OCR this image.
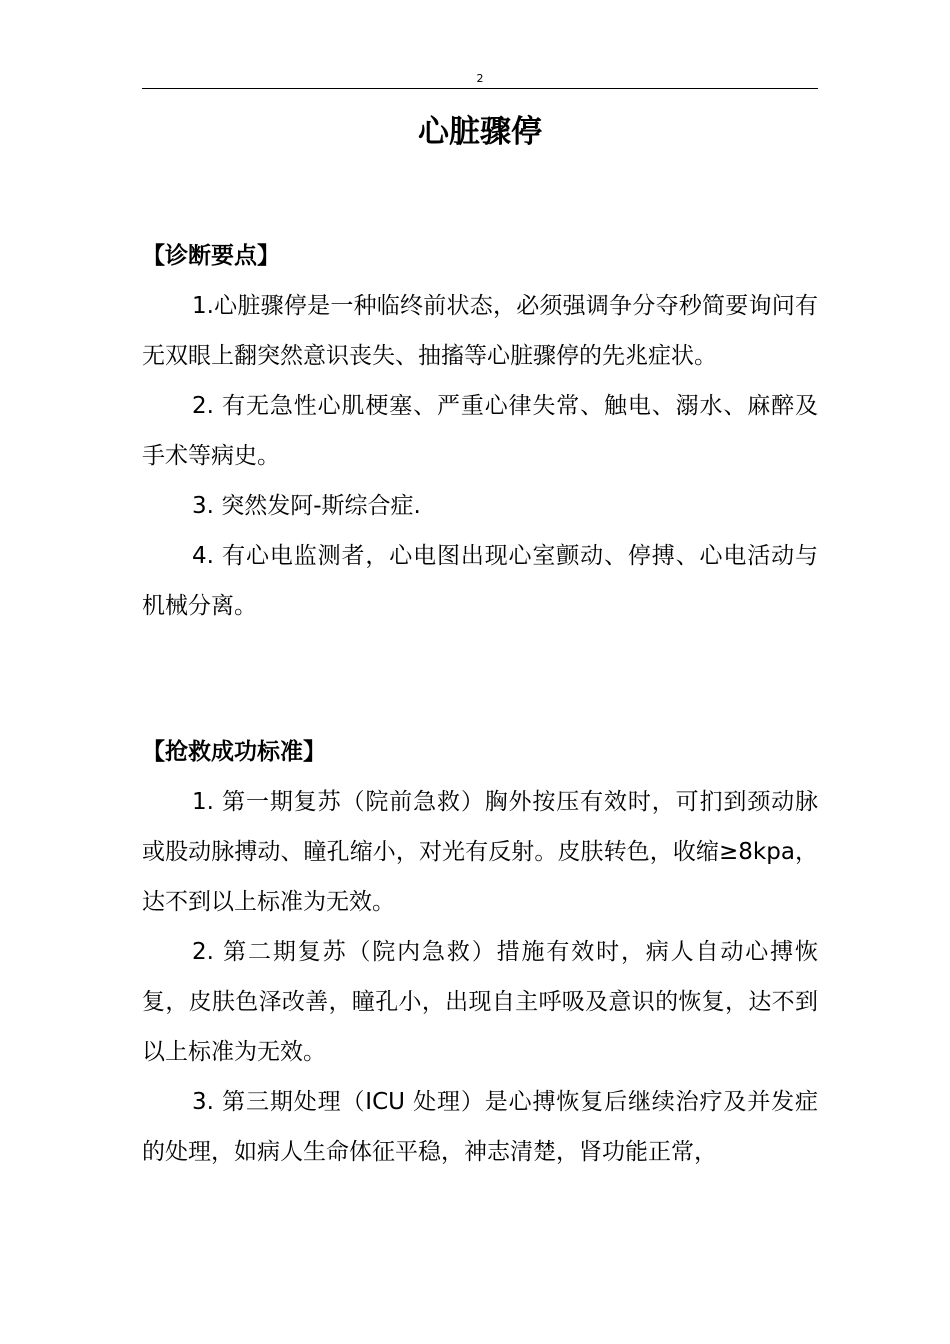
2
心脏骤停

【诊断要点】

1.心脏骤停是一种临终前状态，必须强调争分夺秒简要询问有无双眼上翻突然意识丧失、抽搐等心脏骤停的先兆症状。

2. 有无急性心肌梗塞、严重心律失常、触电、溺水、麻醉及手术等病史。

3. 突然发阿-斯综合症.

4. 有心电监测者，心电图出现心室颤动、停搏、心电活动与机械分离。

【抢救成功标准】

1. 第一期复苏（院前急救）胸外按压有效时，可扪到颈动脉或股动脉搏动、瞳孔缩小，对光有反射。皮肤转色，收缩≥8kpa，达不到以上标准为无效。

2. 第二期复苏（院内急救）措施有效时，病人自动心搏恢复，皮肤色泽改善，瞳孔小，出现自主呼吸及意识的恢复，达不到以上标准为无效。

3. 第三期处理（ICU 处理）是心搏恢复后继续治疗及并发症的处理，如病人生命体征平稳，神志清楚，肾功能正常，
